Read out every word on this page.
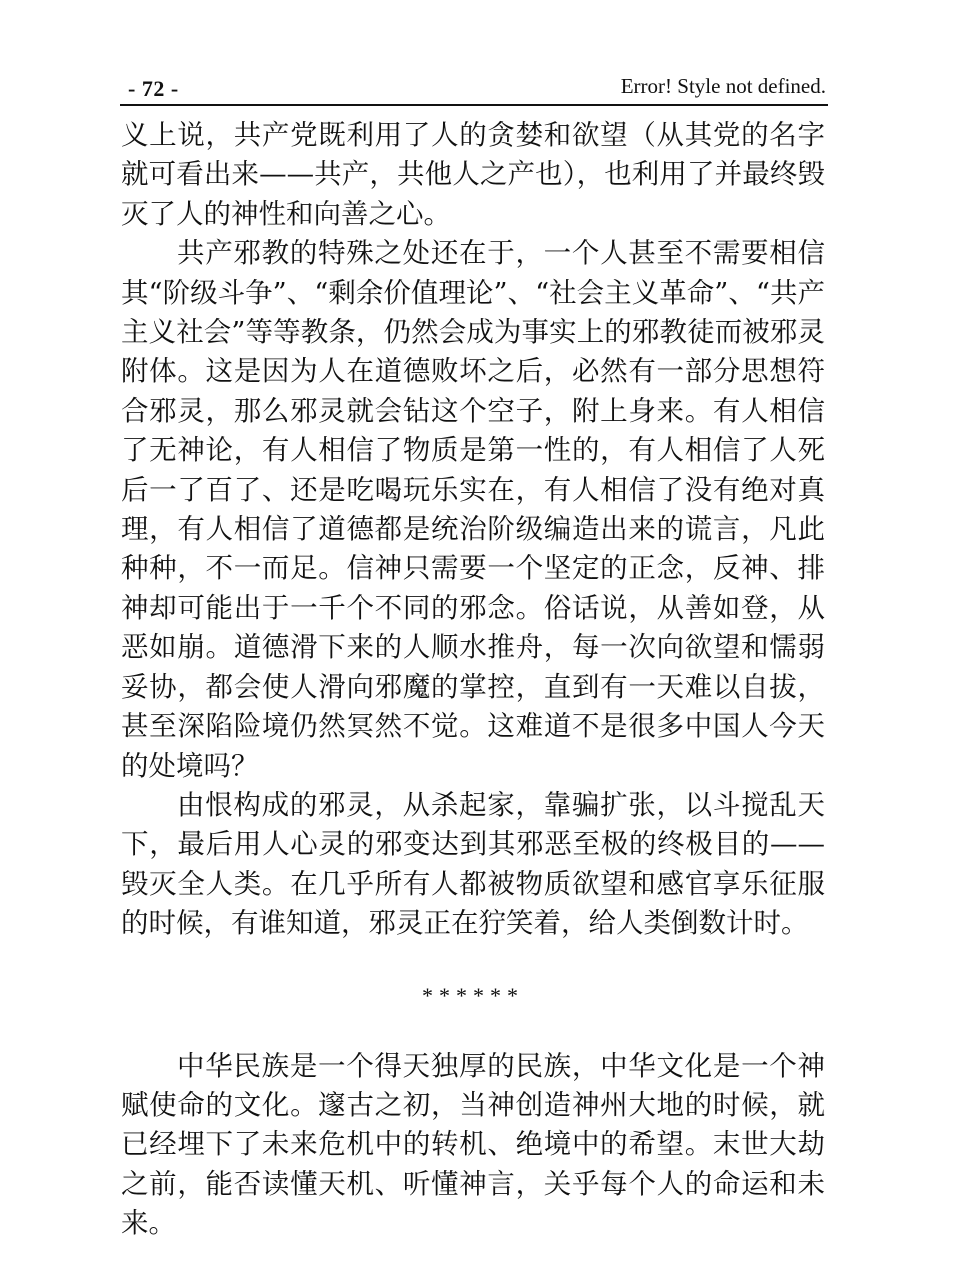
- 72 -	Error! Style not defined.

义上说，共产党既利用了人的贪婪和欲望（从其党的名字就可看出来——共产，共他人之产也），也利用了并最终毁灭了人的神性和向善之心。

共产邪教的特殊之处还在于，一个人甚至不需要相信其“阶级斗争”、“剩余价值理论”、“社会主义革命”、“共产主义社会”等等教条，仍然会成为事实上的邪教徒而被邪灵附体。这是因为人在道德败坏之后，必然有一部分思想符合邪灵，那么邪灵就会钻这个空子，附上身来。有人相信了无神论，有人相信了物质是第一性的，有人相信了人死后一了百了、还是吃喝玩乐实在，有人相信了没有绝对真理，有人相信了道德都是统治阶级编造出来的谎言，凡此种种，不一而足。信神只需要一个坚定的正念，反神、排神却可能出于一千个不同的邪念。俗话说，从善如登，从恶如崩。道德滑下来的人顺水推舟，每一次向欲望和懦弱妥协，都会使人滑向邪魔的掌控，直到有一天难以自拔，甚至深陷险境仍然冥然不觉。这难道不是很多中国人今天的处境吗？

由恨构成的邪灵，从杀起家，靠骗扩张，以斗搅乱天下，最后用人心灵的邪变达到其邪恶至极的终极目的——毁灭全人类。在几乎所有人都被物质欲望和感官享乐征服的时候，有谁知道，邪灵正在狞笑着，给人类倒数计时。

******

中华民族是一个得天独厚的民族，中华文化是一个神赋使命的文化。邃古之初，当神创造神州大地的时候，就已经埋下了未来危机中的转机、绝境中的希望。末世大劫之前，能否读懂天机、听懂神言，关乎每个人的命运和未来。
